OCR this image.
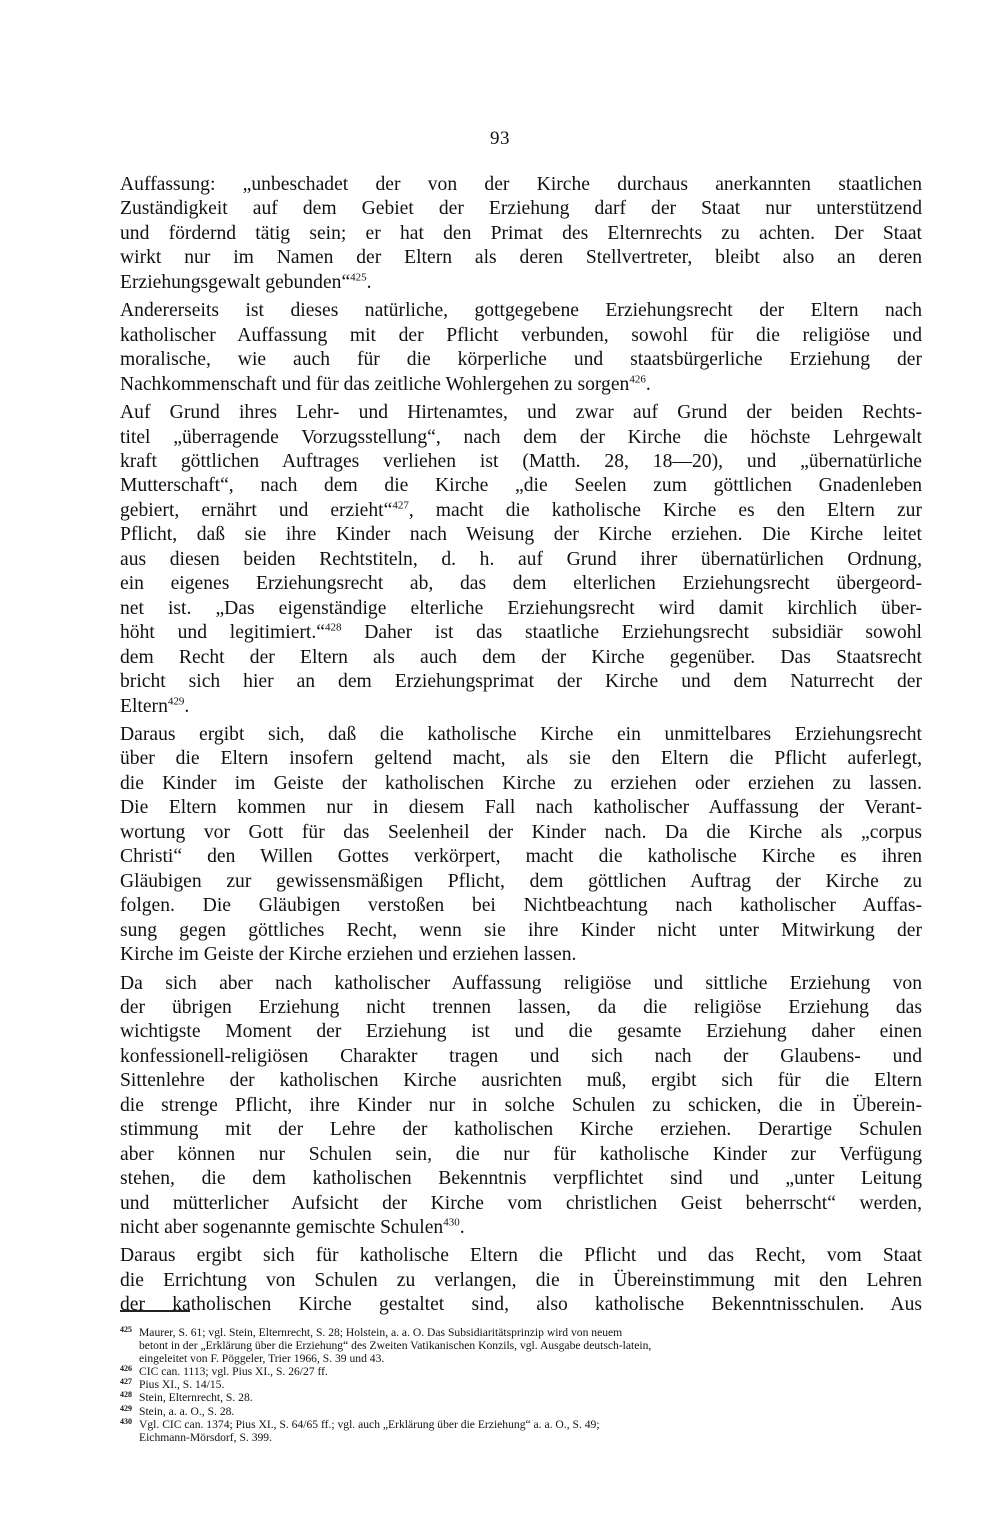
93
Auffassung: „unbeschadet der von der Kirche durchaus anerkannten staatlichen
Zuständigkeit auf dem Gebiet der Erziehung darf der Staat nur unterstützend
und fördernd tätig sein; er hat den Primat des Elternrechts zu achten. Der Staat
wirkt nur im Namen der Eltern als deren Stellvertreter, bleibt also an deren
Erziehungsgewalt gebunden“$^{425}$.
Andererseits ist dieses natürliche, gottgegebene Erziehungsrecht der Eltern nach
katholischer Auffassung mit der Pflicht verbunden, sowohl für die religiöse und
moralische, wie auch für die körperliche und staatsbürgerliche Erziehung der
Nachkommenschaft und für das zeitliche Wohlergehen zu sorgen$^{426}$.
Auf Grund ihres Lehr- und Hirtenamtes, und zwar auf Grund der beiden Rechts-
titel „überragende Vorzugsstellung“, nach dem der Kirche die höchste Lehrgewalt
kraft göttlichen Auftrages verliehen ist (Matth. 28, 18—20), und „übernatürliche
Mutterschaft“, nach dem die Kirche „die Seelen zum göttlichen Gnadenleben
gebiert, ernährt und erzieht“$^{427}$, macht die katholische Kirche es den Eltern zur
Pflicht, daß sie ihre Kinder nach Weisung der Kirche erziehen. Die Kirche leitet
aus diesen beiden Rechtstiteln, d. h. auf Grund ihrer übernatürlichen Ordnung,
ein eigenes Erziehungsrecht ab, das dem elterlichen Erziehungsrecht übergeord-
net ist. „Das eigenständige elterliche Erziehungsrecht wird damit kirchlich über-
höht und legitimiert.“$^{428}$ Daher ist das staatliche Erziehungsrecht subsidiär sowohl
dem Recht der Eltern als auch dem der Kirche gegenüber. Das Staatsrecht
bricht sich hier an dem Erziehungsprimat der Kirche und dem Naturrecht der
Eltern$^{429}$.
Daraus ergibt sich, daß die katholische Kirche ein unmittelbares Erziehungsrecht
über die Eltern insofern geltend macht, als sie den Eltern die Pflicht auferlegt,
die Kinder im Geiste der katholischen Kirche zu erziehen oder erziehen zu lassen.
Die Eltern kommen nur in diesem Fall nach katholischer Auffassung der Verant-
wortung vor Gott für das Seelenheil der Kinder nach. Da die Kirche als „corpus
Christi“ den Willen Gottes verkörpert, macht die katholische Kirche es ihren
Gläubigen zur gewissensmäßigen Pflicht, dem göttlichen Auftrag der Kirche zu
folgen. Die Gläubigen verstoßen bei Nichtbeachtung nach katholischer Auffas-
sung gegen göttliches Recht, wenn sie ihre Kinder nicht unter Mitwirkung der
Kirche im Geiste der Kirche erziehen und erziehen lassen.
Da sich aber nach katholischer Auffassung religiöse und sittliche Erziehung von
der übrigen Erziehung nicht trennen lassen, da die religiöse Erziehung das
wichtigste Moment der Erziehung ist und die gesamte Erziehung daher einen
konfessionell-religiösen Charakter tragen und sich nach der Glaubens- und
Sittenlehre der katholischen Kirche ausrichten muß, ergibt sich für die Eltern
die strenge Pflicht, ihre Kinder nur in solche Schulen zu schicken, die in Überein-
stimmung mit der Lehre der katholischen Kirche erziehen. Derartige Schulen
aber können nur Schulen sein, die nur für katholische Kinder zur Verfügung
stehen, die dem katholischen Bekenntnis verpflichtet sind und „unter Leitung
und mütterlicher Aufsicht der Kirche vom christlichen Geist beherrscht“ werden,
nicht aber sogenannte gemischte Schulen$^{430}$.
Daraus ergibt sich für katholische Eltern die Pflicht und das Recht, vom Staat
die Errichtung von Schulen zu verlangen, die in Übereinstimmung mit den Lehren
der katholischen Kirche gestaltet sind, also katholische Bekenntnisschulen. Aus
425 Maurer, S. 61; vgl. Stein, Elternrecht, S. 28; Holstein, a. a. O. Das Subsidiaritätsprinzip wird von neuem
betont in der „Erklärung über die Erziehung“ des Zweiten Vatikanischen Konzils, vgl. Ausgabe deutsch-latein,
eingeleitet von F. Pöggeler, Trier 1966, S. 39 und 43.
426 CIC can. 1113; vgl. Pius XI., S. 26/27 ff.
427 Pius XI., S. 14/15.
428 Stein, Elternrecht, S. 28.
429 Stein, a. a. O., S. 28.
430 Vgl. CIC can. 1374; Pius XI., S. 64/65 ff.; vgl. auch „Erklärung über die Erziehung“ a. a. O., S. 49;
Eichmann-Mörsdorf, S. 399.
